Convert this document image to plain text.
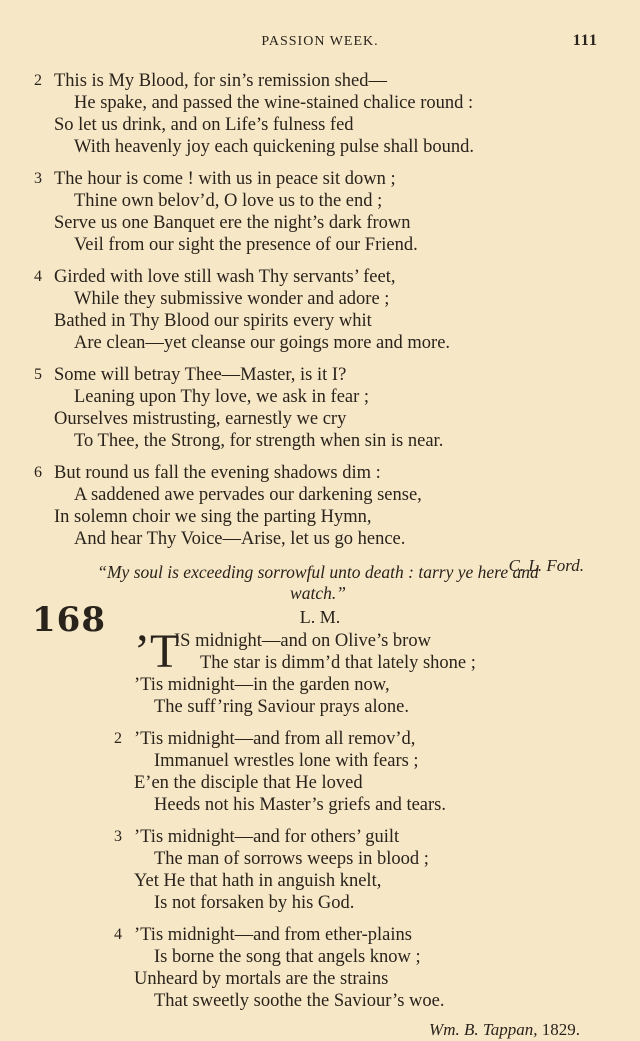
PASSION WEEK.	111
2 This is My Blood, for sin’s remission shed—
He spake, and passed the wine-stained chalice round :
So let us drink, and on Life’s fulness fed
With heavenly joy each quickening pulse shall bound.
3 The hour is come ! with us in peace sit down ;
Thine own belov’d, O love us to the end ;
Serve us one Banquet ere the night’s dark frown
Veil from our sight the presence of our Friend.
4 Girded with love still wash Thy servants’ feet,
While they submissive wonder and adore ;
Bathed in Thy Blood our spirits every whit
Are clean—yet cleanse our goings more and more.
5 Some will betray Thee—Master, is it I?
Leaning upon Thy love, we ask in fear ;
Ourselves mistrusting, earnestly we cry
To Thee, the Strong, for strength when sin is near.
6 But round us fall the evening shadows dim :
A saddened awe pervades our darkening sense,
In solemn choir we sing the parting Hymn,
And hear Thy Voice—Arise, let us go hence.
C. L. Ford.
“My soul is exceeding sorrowful unto death : tarry ye here and
watch.”
168	L. M.
’T
IS midnight—and on Olive’s brow
The star is dimm’d that lately shone ;
’Tis midnight—in the garden now,
The suff’ring Saviour prays alone.
2 ’Tis midnight—and from all remov’d,
Immanuel wrestles lone with fears ;
E’en the disciple that He loved
Heeds not his Master’s griefs and tears.
3 ’Tis midnight—and for others’ guilt
The man of sorrows weeps in blood ;
Yet He that hath in anguish knelt,
Is not forsaken by his God.
4 ’Tis midnight—and from ether-plains
Is borne the song that angels know ;
Unheard by mortals are the strains
That sweetly soothe the Saviour’s woe.
Wm. B. Tappan, 1829.
